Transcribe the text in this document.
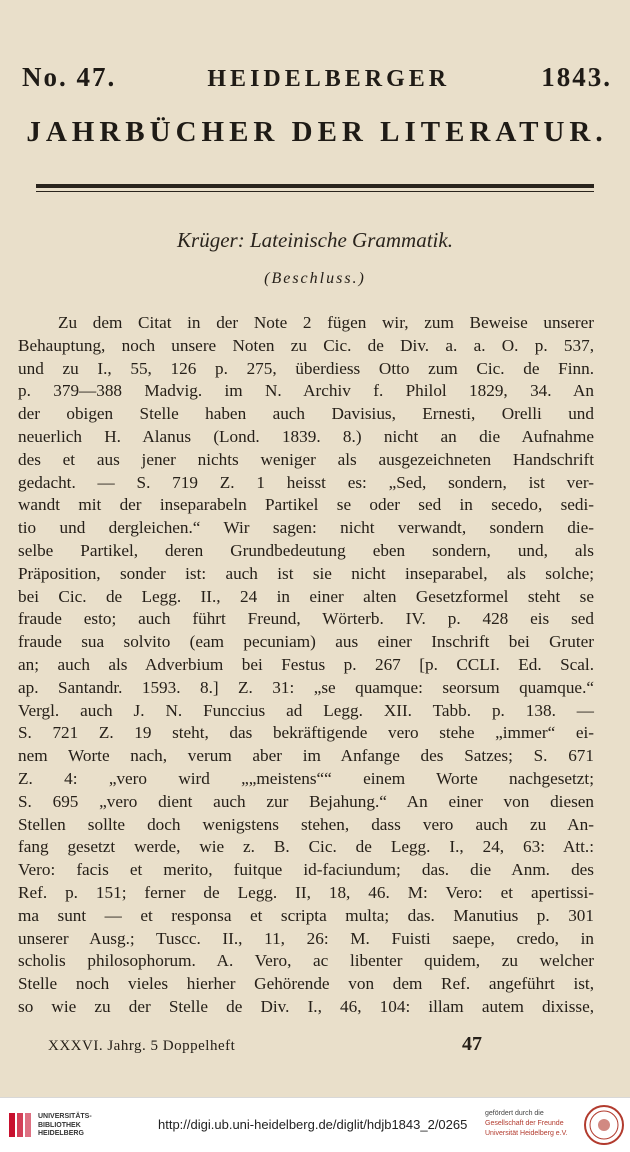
No. 47.	HEIDELBERGER	1843.
JAHRBÜCHER DER LITERATUR.
Krüger: Lateinische Grammatik.
(Beschluss.)
Zu dem Citat in der Note 2 fügen wir, zum Beweise unserer
Behauptung, noch unsere Noten zu Cic. de Div. a. a. O. p. 537,
und zu I., 55, 126 p. 275, überdiess Otto zum Cic. de Finn.
p. 379—388 Madvig. im N. Archiv f. Philol 1829, 34. An
der obigen Stelle haben auch Davisius, Ernesti, Orelli und
neuerlich H. Alanus (Lond. 1839. 8.) nicht an die Aufnahme
des et aus jener nichts weniger als ausgezeichneten Handschrift
gedacht. — S. 719 Z. 1 heisst es: „Sed, sondern, ist ver-
wandt mit der inseparabeln Partikel se oder sed in secedo, sedi-
tio und dergleichen.“ Wir sagen: nicht verwandt, sondern die-
selbe Partikel, deren Grundbedeutung eben sondern, und, als
Präposition, sonder ist: auch ist sie nicht inseparabel, als solche;
bei Cic. de Legg. II., 24 in einer alten Gesetzformel steht se
fraude esto; auch führt Freund, Wörterb. IV. p. 428 eis sed
fraude sua solvito (eam pecuniam) aus einer Inschrift bei Gruter
an; auch als Adverbium bei Festus p. 267 [p. CCLI. Ed. Scal.
ap. Santandr. 1593. 8.] Z. 31: „se quamque: seorsum quamque.“
Vergl. auch J. N. Funccius ad Legg. XII. Tabb. p. 138. —
S. 721 Z. 19 steht, das bekräftigende vero stehe „immer“ ei-
nem Worte nach, verum aber im Anfange des Satzes; S. 671
Z. 4: „vero wird „„meistens““ einem Worte nachgesetzt;
S. 695 „vero dient auch zur Bejahung.“ An einer von diesen
Stellen sollte doch wenigstens stehen, dass vero auch zu An-
fang gesetzt werde, wie z. B. Cic. de Legg. I., 24, 63: Att.:
Vero: facis et merito, fuitque id-faciundum; das. die Anm. des
Ref. p. 151; ferner de Legg. II, 18, 46. M: Vero: et apertissi-
ma sunt — et responsa et scripta multa; das. Manutius p. 301
unserer Ausg.; Tuscc. II., 11, 26: M. Fuisti saepe, credo, in
scholis philosophorum. A. Vero, ac libenter quidem, zu welcher
Stelle noch vieles hierher Gehörende von dem Ref. angeführt ist,
so wie zu der Stelle de Div. I., 46, 104: illam autem dixisse,
XXXVI. Jahrg. 5 Doppelheft	47
UNIVERSITÄTS-
BIBLIOTHEK
HEIDELBERG
http://digi.ub.uni-heidelberg.de/diglit/hdjb1843_2/0265
gefördert durch die
Gesellschaft der Freunde
Universität Heidelberg e.V.
